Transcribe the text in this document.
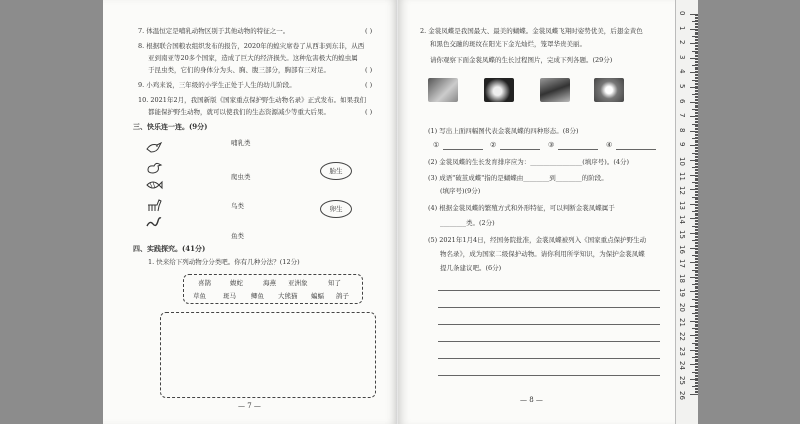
7. 体温恒定是哺乳动物区别于其他动物的特征之一。	( )
8. 根据联合国粮农组织发布的报告，2020年的蝗灾席卷了从西非到东非，从西
亚到南亚等20多个国家，造成了巨大的经济损失。这种危害极大的蝗虫属
于昆虫类，它们的身体分为头、胸、腹三部分，胸部有三对足。	( )
9. 小鸡来说，三年级的小学生正处于人生的幼儿阶段。	( )
10. 2021年2月，我国新版《国家重点保护野生动物名录》正式发布。如果我们
都能保护野生动物，就可以使我们的生态资源减少等重大后果。	( )
三、快乐连一连。(9分)
哺乳类
爬虫类
鸟类
鱼类
胎生
卵生
四、实践探究。(41分)
1. 快来给下列动物分分类吧。你有几种分法？(12分)
喜鹊	蝮蛇	海燕 亚洲象	知了
草鱼	斑马 鲫鱼 大熊猫 蝙蝠 鸽子
— 7 —
2. 金裳凤蝶是我国最大、最美的蝴蝶。金裳凤蝶飞翔时姿势优美，后翅金黄色
和黑色交融的斑纹在阳光下金光灿烂，笼罩华贵美丽。
请你观察下面金裳凤蝶的生长过程图片，完成下列各题。(29分)
(1) 写出上面四幅图代表金裳凤蝶的四种形态。(8分)
①	②	③	④
(2) 金裳凤蝶的生长发育排序应为：________________(填序号)。(4分)
(3) 成语"破茧成蝶"指的是蝴蝶由________到________的阶段。
(填序号)(9分)
(4) 根据金裳凤蝶的繁殖方式和外形特征，可以判断金裳凤蝶属于
________类。(2分)
(5) 2021年1月4日，经国务院批准，金裳凤蝶被列入《国家重点保护野生动
物名录》，成为国家二级保护动物。请你利用所学知识，为保护金裳凤蝶
提几条建议吧。(6分)
— 8 —
0
1
2
3
4
5
6
7
8
9
10
11
12
13
14
15
16
17
18
19
20
21
22
23
24
25
26
